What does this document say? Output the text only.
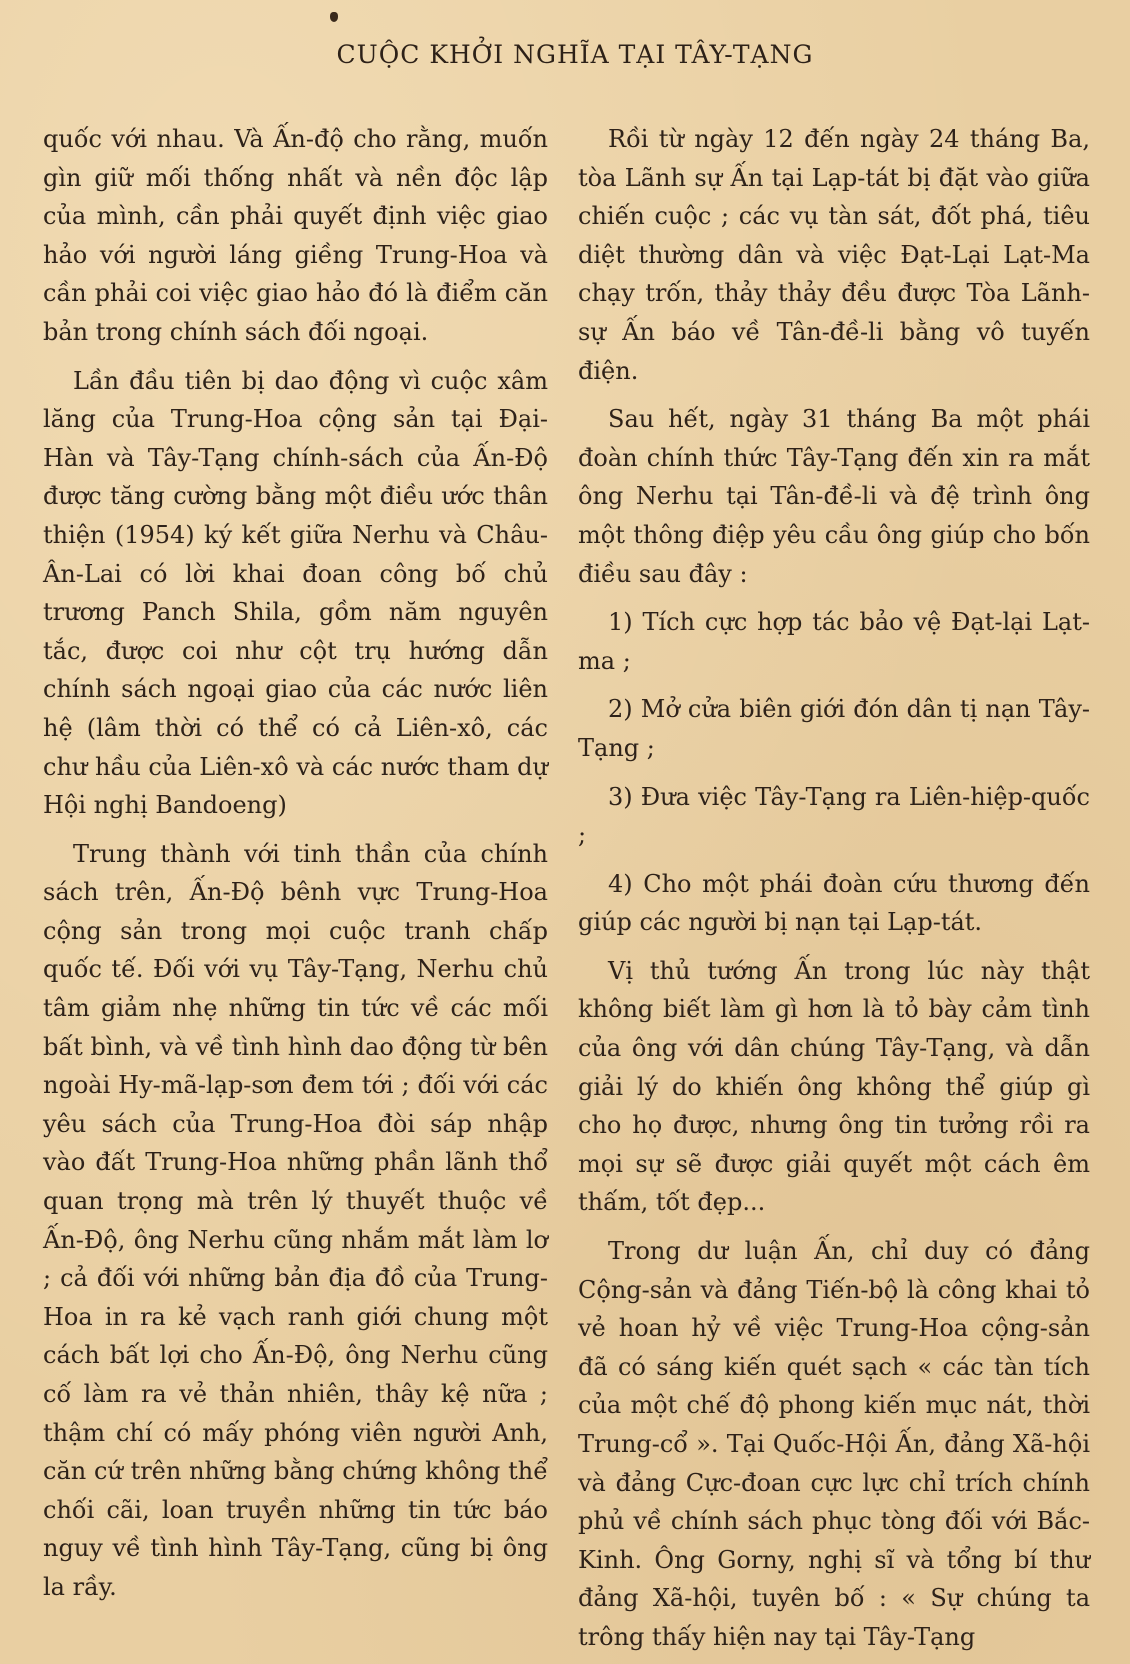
CUỘC KHỞI NGHĨA TẠI TÂY-TẠNG

quốc với nhau. Và Ấn-độ cho rằng, muốn gìn giữ mối thống nhất và nền độc lập của mình, cần phải quyết định việc giao hảo với người láng giềng Trung-Hoa và cần phải coi việc giao hảo đó là điểm căn bản trong chính sách đối ngoại.

Lần đầu tiên bị dao động vì cuộc xâm lăng của Trung-Hoa cộng sản tại Đại-Hàn và Tây-Tạng chính-sách của Ấn-Độ được tăng cường bằng một điều ước thân thiện (1954) ký kết giữa Nerhu và Châu-Ân-Lai có lời khai đoan công bố chủ trương Panch Shila, gồm năm nguyên tắc, được coi như cột trụ hướng dẫn chính sách ngoại giao của các nước liên hệ (lâm thời có thể có cả Liên-xô, các chư hầu của Liên-xô và các nước tham dự Hội nghị Bandoeng)

Trung thành với tinh thần của chính sách trên, Ấn-Độ bênh vực Trung-Hoa cộng sản trong mọi cuộc tranh chấp quốc tế. Đối với vụ Tây-Tạng, Nerhu chủ tâm giảm nhẹ những tin tức về các mối bất bình, và về tình hình dao động từ bên ngoài Hy-mã-lạp-sơn đem tới ; đối với các yêu sách của Trung-Hoa đòi sáp nhập vào đất Trung-Hoa những phần lãnh thổ quan trọng mà trên lý thuyết thuộc về Ấn-Độ, ông Nerhu cũng nhắm mắt làm lơ ; cả đối với những bản địa đồ của Trung-Hoa in ra kẻ vạch ranh giới chung một cách bất lợi cho Ấn-Độ, ông Nerhu cũng cố làm ra vẻ thản nhiên, thây kệ nữa ; thậm chí có mấy phóng viên người Anh, căn cứ trên những bằng chứng không thể chối cãi, loan truyền những tin tức báo nguy về tình hình Tây-Tạng, cũng bị ông la rầy.

Rồi từ ngày 12 đến ngày 24 tháng Ba, tòa Lãnh sự Ấn tại Lạp-tát bị đặt vào giữa chiến cuộc ; các vụ tàn sát, đốt phá, tiêu diệt thường dân và việc Đạt-Lại Lạt-Ma chạy trốn, thảy thảy đều được Tòa Lãnh-sự Ấn báo về Tân-đề-li bằng vô tuyến điện.

Sau hết, ngày 31 tháng Ba một phái đoàn chính thức Tây-Tạng đến xin ra mắt ông Nerhu tại Tân-đề-li và đệ trình ông một thông điệp yêu cầu ông giúp cho bốn điều sau đây :

1) Tích cực hợp tác bảo vệ Đạt-lại Lạt-ma ;

2) Mở cửa biên giới đón dân tị nạn Tây-Tạng ;

3) Đưa việc Tây-Tạng ra Liên-hiệp-quốc ;

4) Cho một phái đoàn cứu thương đến giúp các người bị nạn tại Lạp-tát.

Vị thủ tướng Ấn trong lúc này thật không biết làm gì hơn là tỏ bày cảm tình của ông với dân chúng Tây-Tạng, và dẫn giải lý do khiến ông không thể giúp gì cho họ được, nhưng ông tin tưởng rồi ra mọi sự sẽ được giải quyết một cách êm thấm, tốt đẹp...

Trong dư luận Ấn, chỉ duy có đảng Cộng-sản và đảng Tiến-bộ là công khai tỏ vẻ hoan hỷ về việc Trung-Hoa cộng-sản đã có sáng kiến quét sạch « các tàn tích của một chế độ phong kiến mục nát, thời Trung-cổ ». Tại Quốc-Hội Ấn, đảng Xã-hội và đảng Cực-đoan cực lực chỉ trích chính phủ về chính sách phục tòng đối với Bắc-Kinh. Ông Gorny, nghị sĩ và tổng bí thư đảng Xã-hội, tuyên bố : « Sự chúng ta trông thấy hiện nay tại Tây-Tạng
